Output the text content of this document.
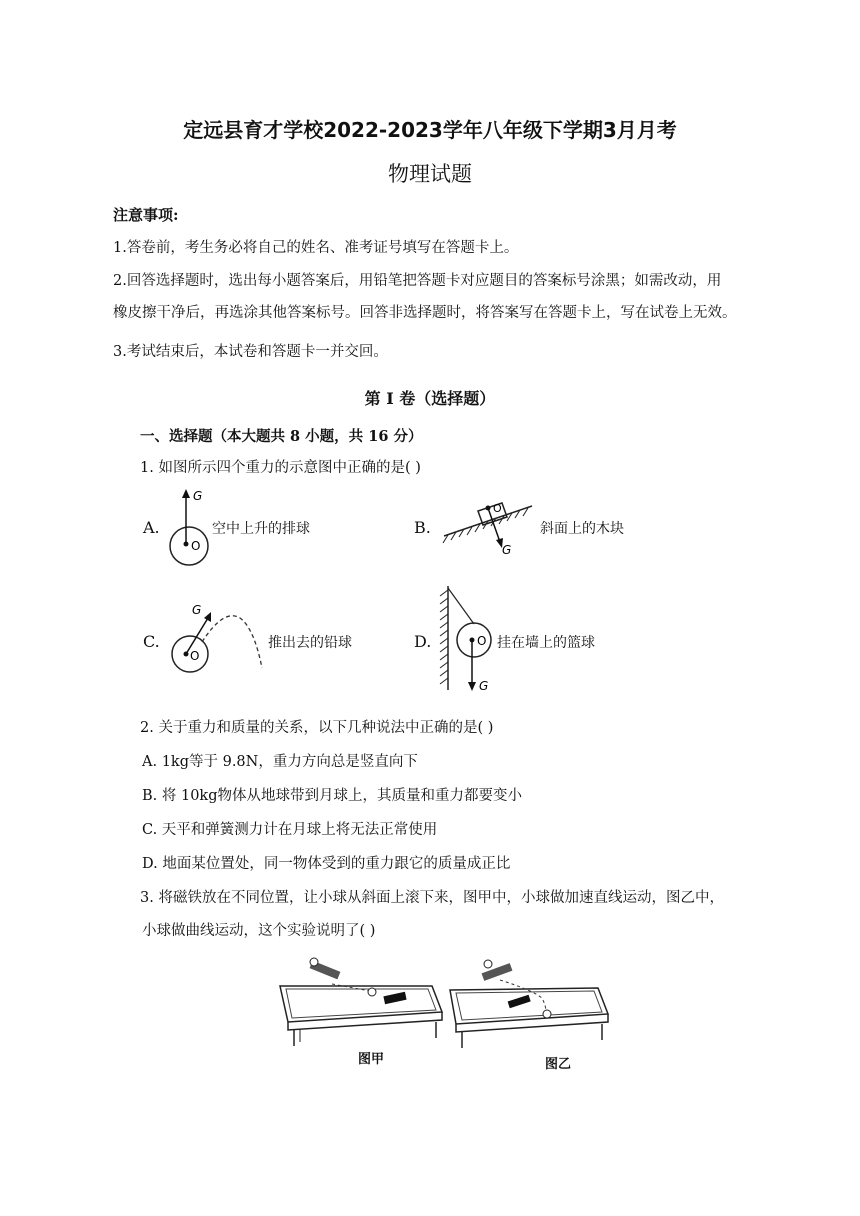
定远县育才学校2022-2023学年八年级下学期3月月考
物理试题
注意事项:
1.答卷前，考生务必将自己的姓名、准考证号填写在答题卡上。
2.回答选择题时，选出每小题答案后，用铅笔把答题卡对应题目的答案标号涂黑；如需改动，用
橡皮擦干净后，再选涂其他答案标号。回答非选择题时，将答案写在答题卡上，写在试卷上无效。
3.考试结束后，本试卷和答题卡一并交回。
第 I 卷（选择题）
一、选择题（本大题共 8 小题，共 16 分）
1. 如图所示四个重力的示意图中正确的是( )
A.
G
O
空中上升的排球	B.
O
G
斜面上的木块
C.
G
O
推出去的铅球	D.	O
G
挂在墙上的篮球
2. 关于重力和质量的关系，以下几种说法中正确的是( )
A. 1kg等于 9.8N，重力方向总是竖直向下
B. 将 10kg物体从地球带到月球上，其质量和重力都要变小
C. 天平和弹簧测力计在月球上将无法正常使用
D. 地面某位置处，同一物体受到的重力跟它的质量成正比
3. 将磁铁放在不同位置，让小球从斜面上滚下来，图甲中，小球做加速直线运动，图乙中，
小球做曲线运动，这个实验说明了( )
图甲	图乙
